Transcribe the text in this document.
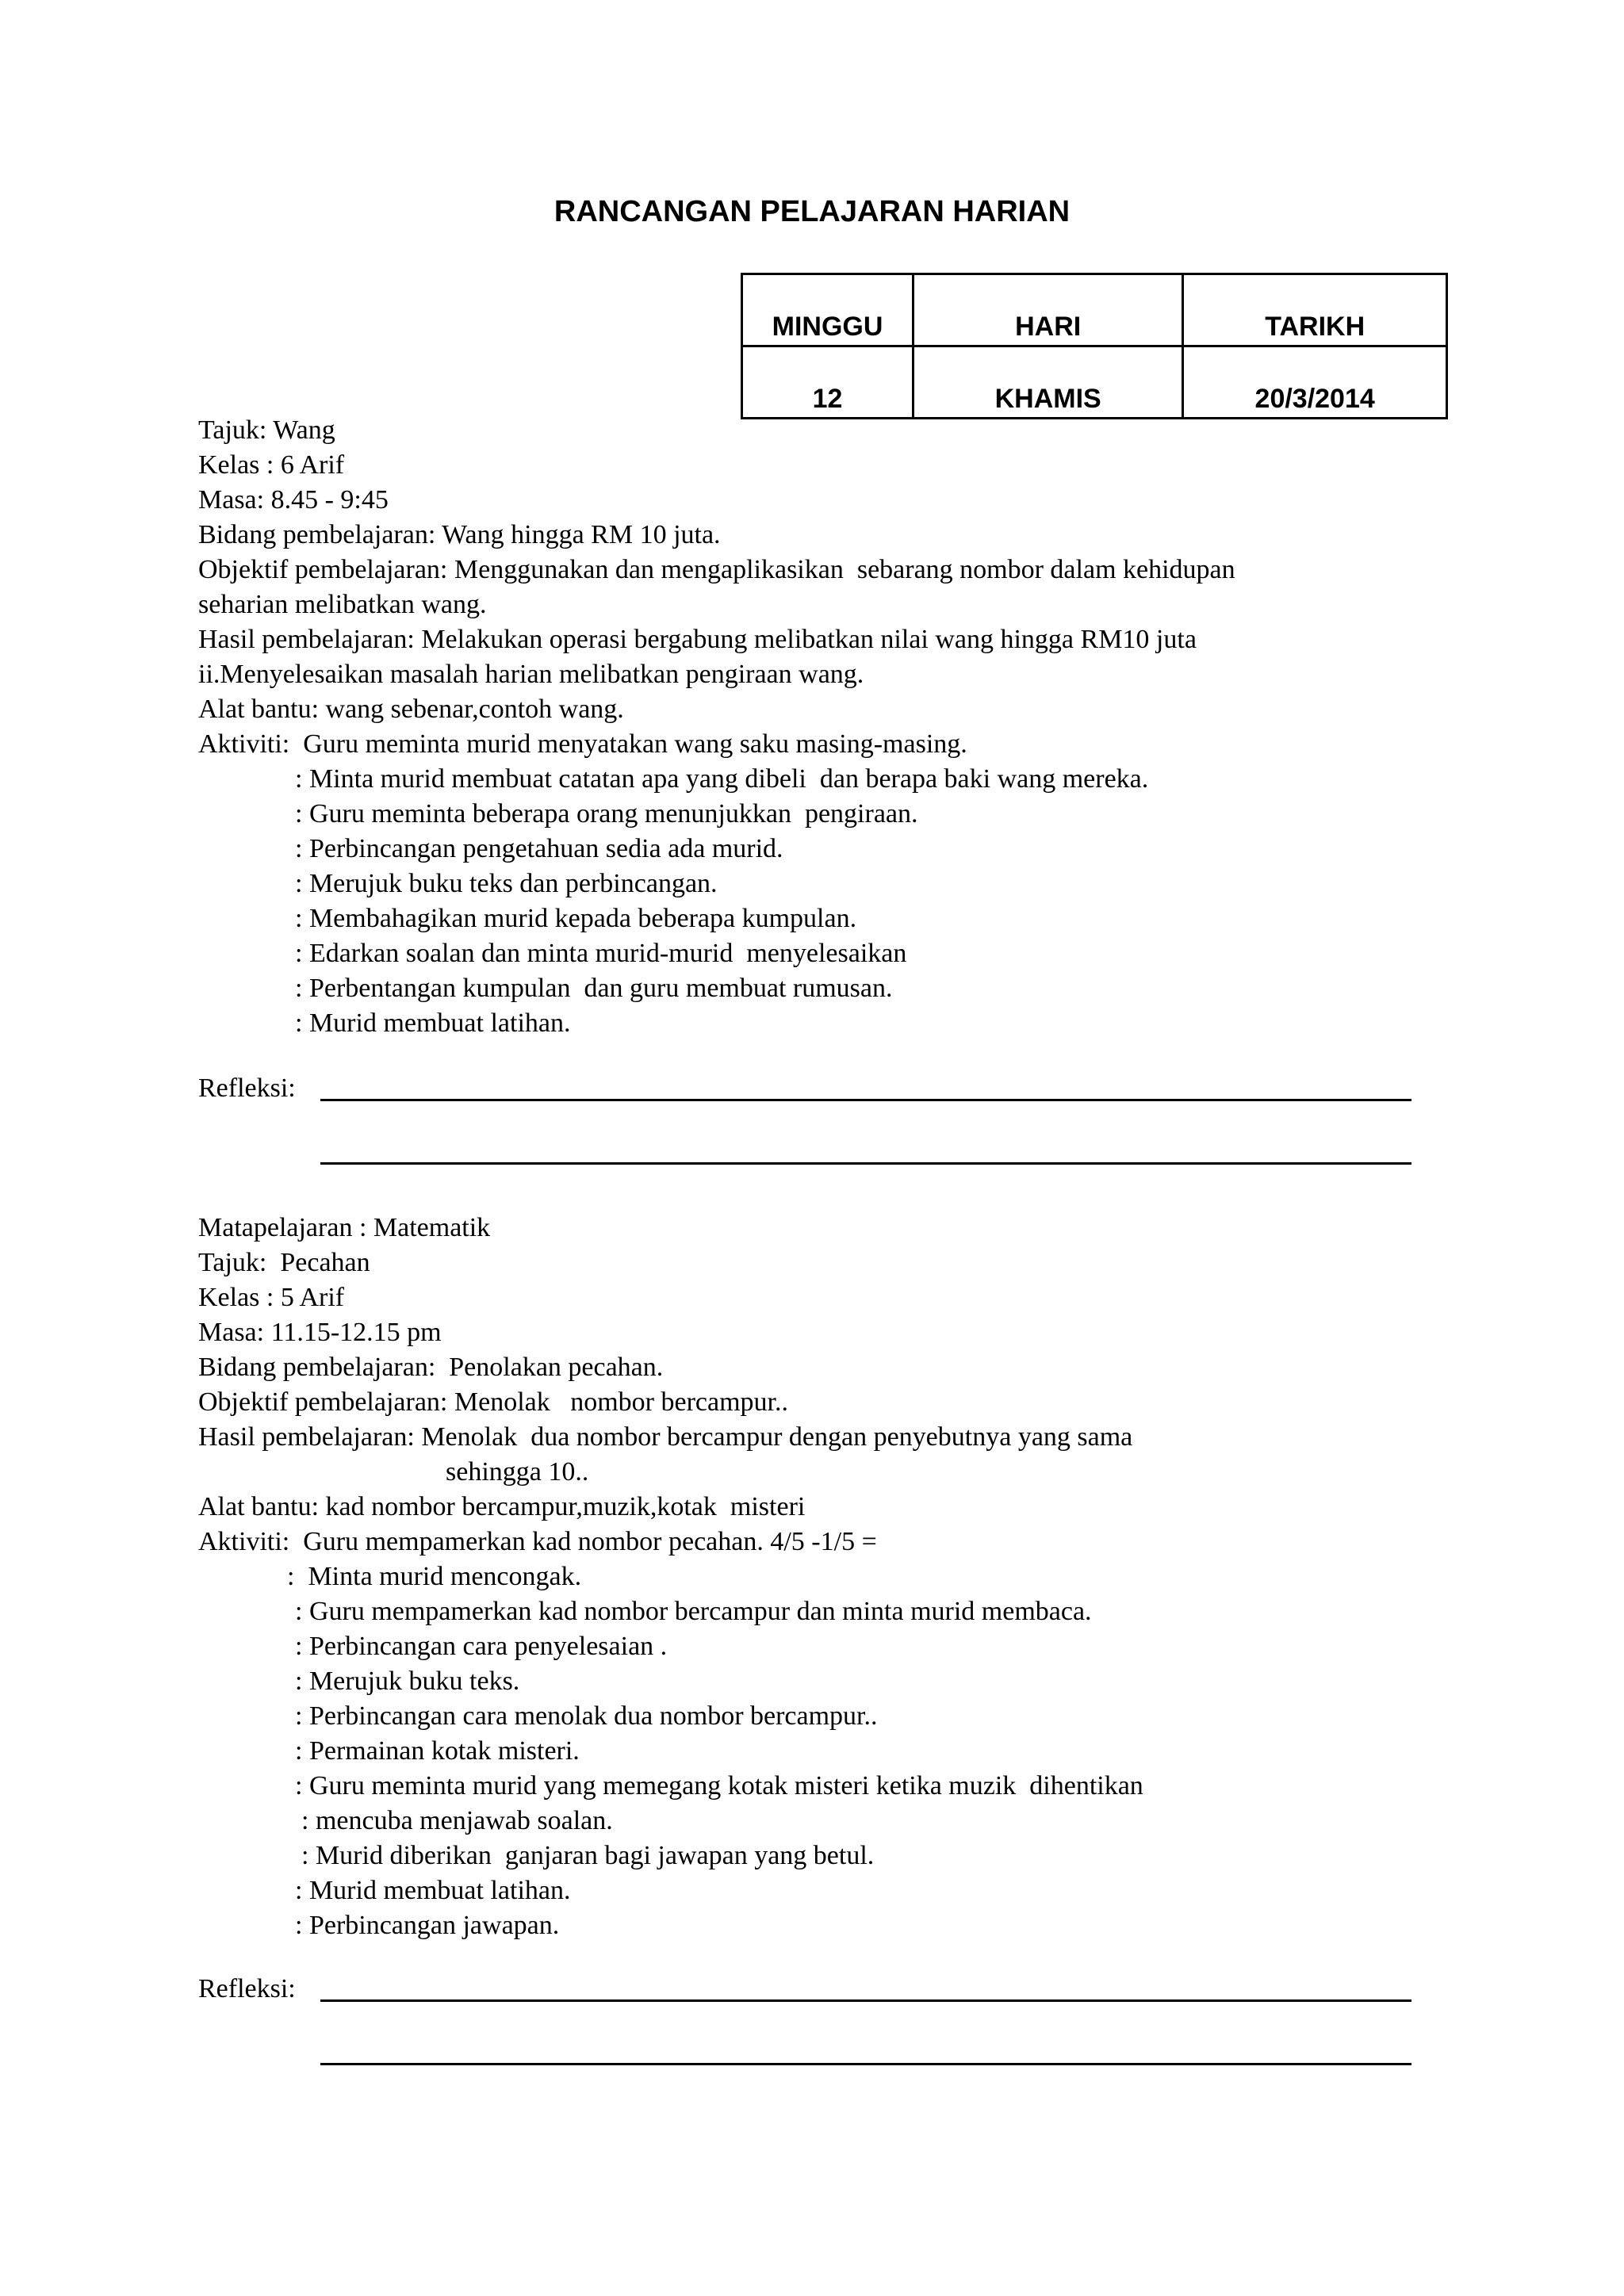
RANCANGAN PELAJARAN HARIAN
MINGGU	HARI	TARIKH
12	KHAMIS	20/3/2014
Tajuk: Wang
Kelas : 6 Arif
Masa: 8.45 - 9:45
Bidang pembelajaran: Wang hingga RM 10 juta.
Objektif pembelajaran: Menggunakan dan mengaplikasikan  sebarang nombor dalam kehidupan
seharian melibatkan wang.
Hasil pembelajaran: Melakukan operasi bergabung melibatkan nilai wang hingga RM10 juta
ii.Menyelesaikan masalah harian melibatkan pengiraan wang.
Alat bantu: wang sebenar,contoh wang.
Aktiviti:  Guru meminta murid menyatakan wang saku masing-masing.
: Minta murid membuat catatan apa yang dibeli  dan berapa baki wang mereka.
: Guru meminta beberapa orang menunjukkan  pengiraan.
: Perbincangan pengetahuan sedia ada murid.
: Merujuk buku teks dan perbincangan.
: Membahagikan murid kepada beberapa kumpulan.
: Edarkan soalan dan minta murid-murid  menyelesaikan
: Perbentangan kumpulan  dan guru membuat rumusan.
: Murid membuat latihan.
Refleksi:
Matapelajaran : Matematik
Tajuk:  Pecahan
Kelas : 5 Arif
Masa: 11.15-12.15 pm
Bidang pembelajaran:  Penolakan pecahan.
Objektif pembelajaran: Menolak   nombor bercampur..
Hasil pembelajaran: Menolak  dua nombor bercampur dengan penyebutnya yang sama
sehingga 10..
Alat bantu: kad nombor bercampur,muzik,kotak  misteri
Aktiviti:  Guru mempamerkan kad nombor pecahan. 4/5 -1/5 =
:  Minta murid mencongak.
: Guru mempamerkan kad nombor bercampur dan minta murid membaca.
: Perbincangan cara penyelesaian .
: Merujuk buku teks.
: Perbincangan cara menolak dua nombor bercampur..
: Permainan kotak misteri.
: Guru meminta murid yang memegang kotak misteri ketika muzik  dihentikan
: mencuba menjawab soalan.
: Murid diberikan  ganjaran bagi jawapan yang betul.
: Murid membuat latihan.
: Perbincangan jawapan.
Refleksi:
